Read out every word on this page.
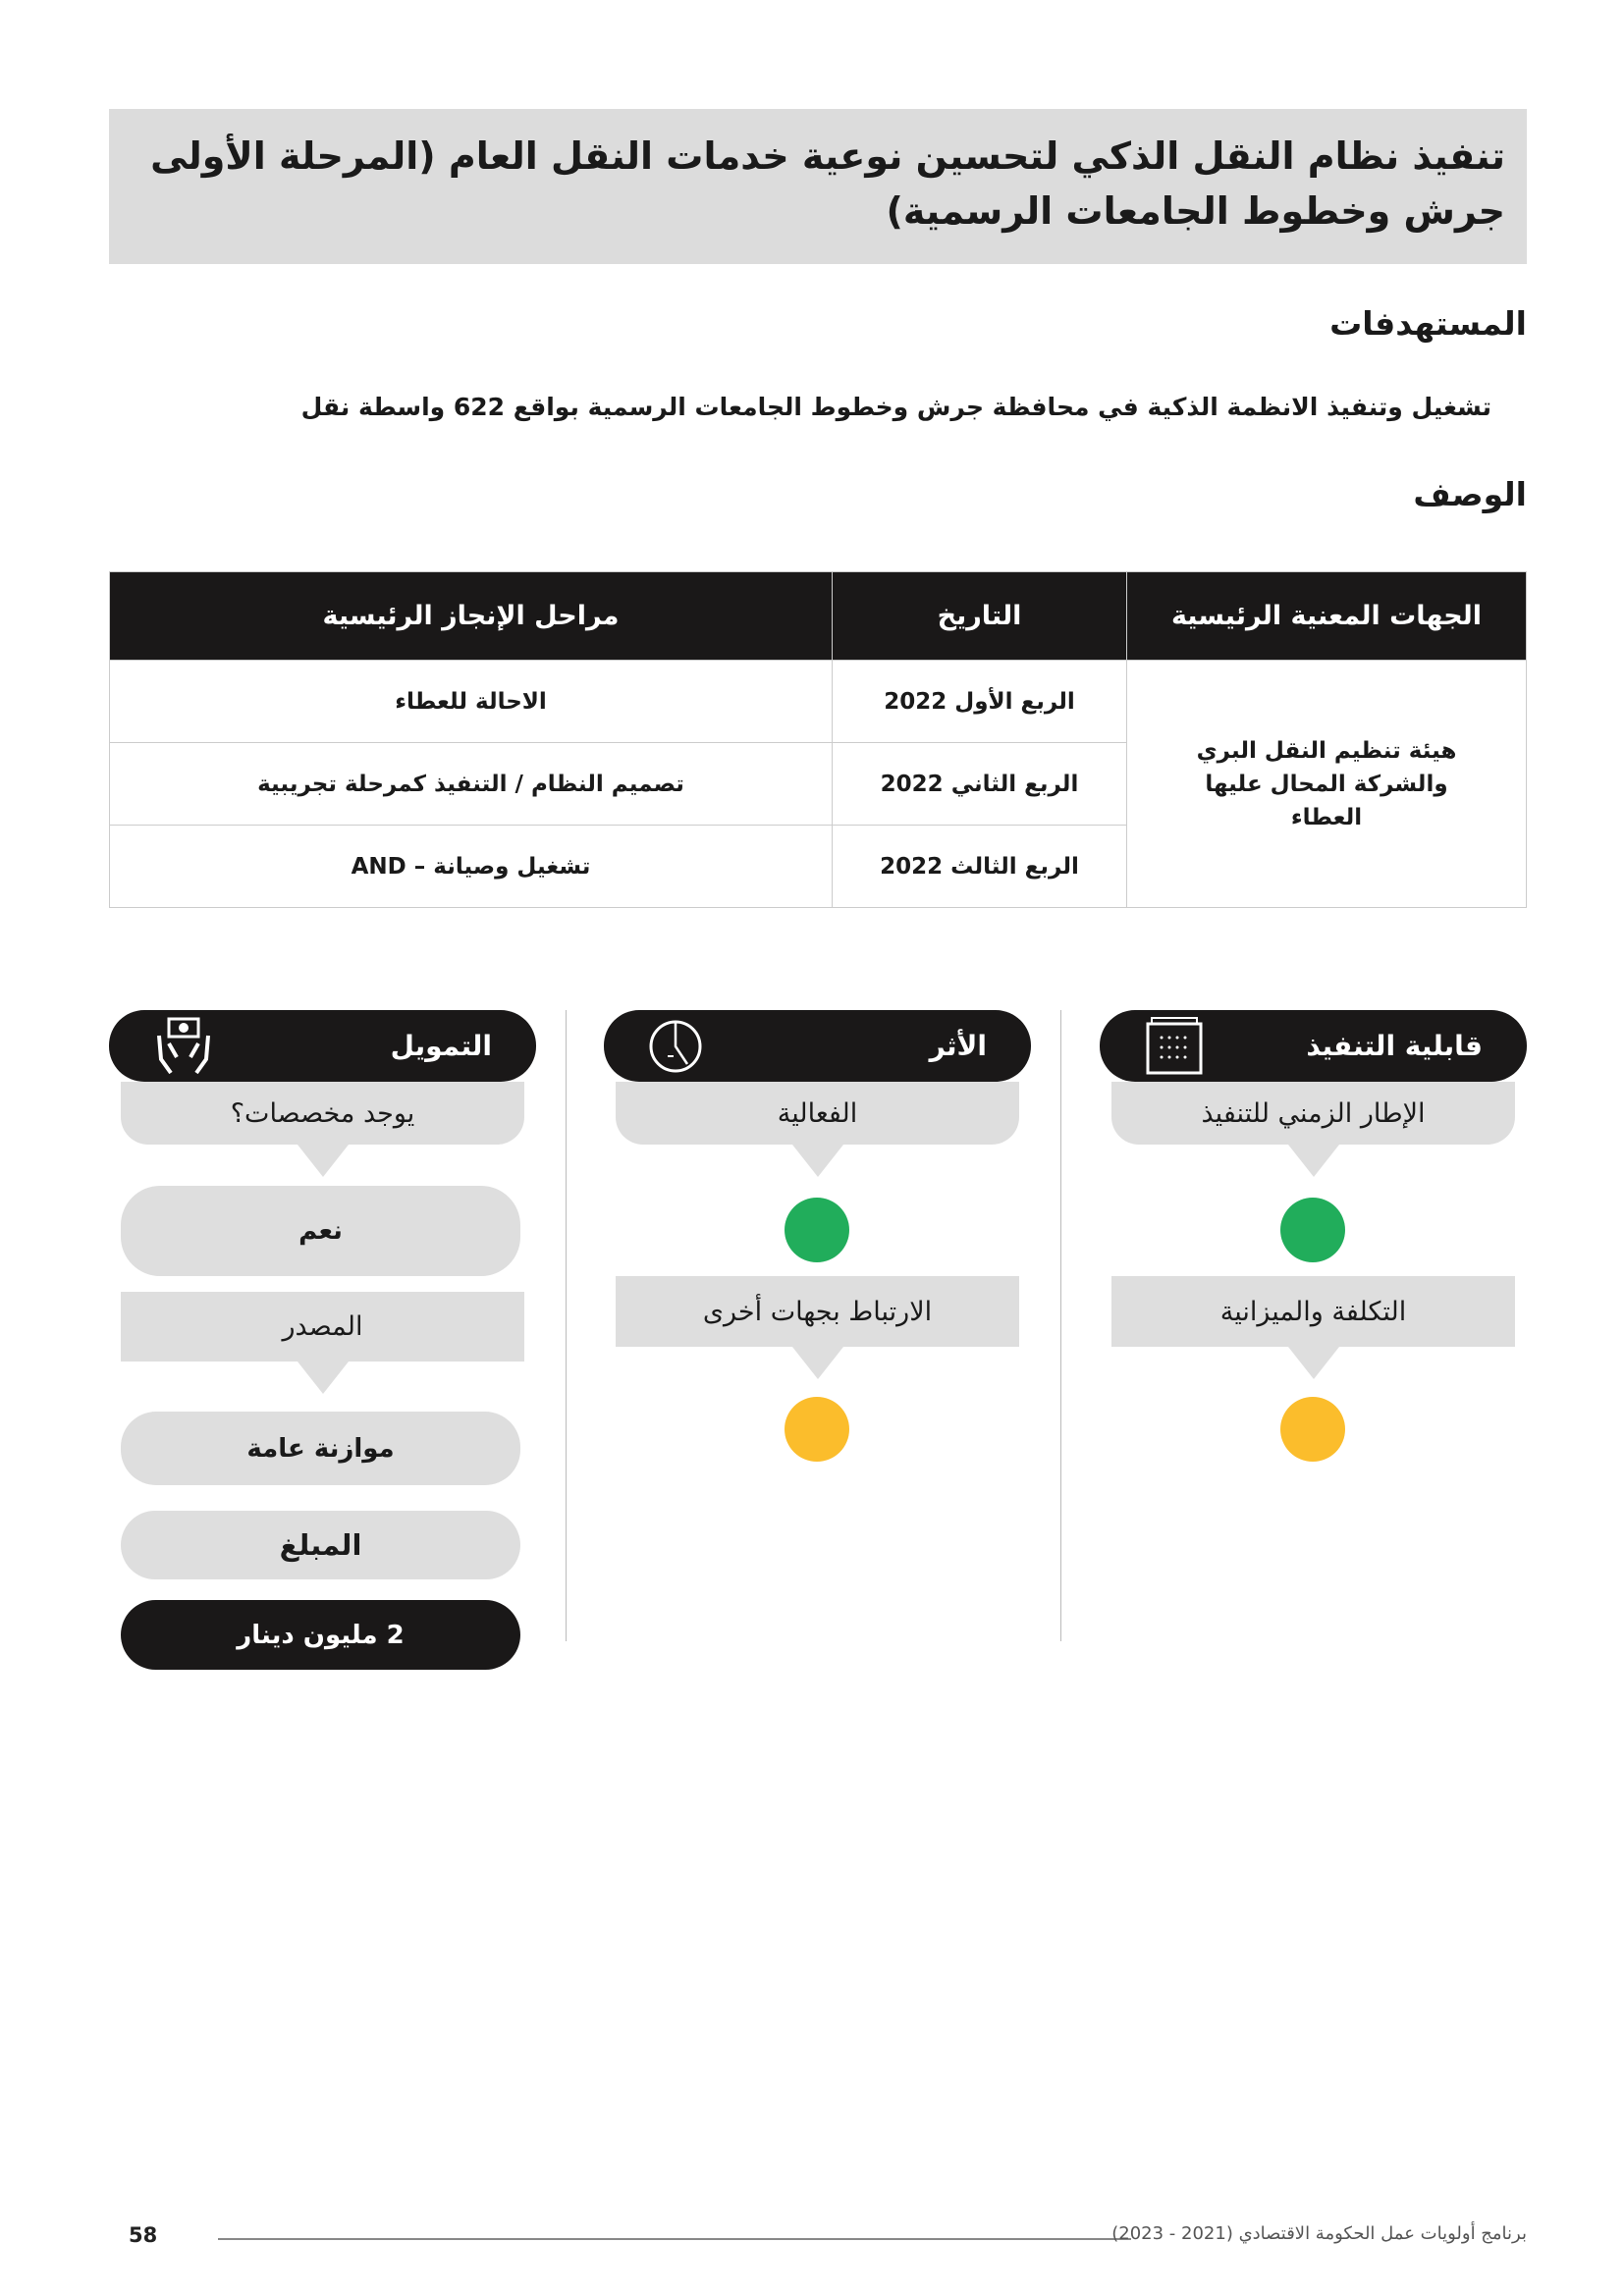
تنفيذ نظام النقل الذكي لتحسين نوعية خدمات النقل العام (المرحلة الأولى جرش وخطوط الجامعات الرسمية)
المستهدفات
تشغيل وتنفيذ الانظمة الذكية في محافظة جرش وخطوط الجامعات الرسمية بواقع 622 واسطة نقل
الوصف
الجهات المعنية الرئيسية	التاريخ	مراحل الإنجاز الرئيسية
هيئة تنظيم النقل البري والشركة المحال عليها العطاء	الربع الأول 2022	الاحالة للعطاء
	الربع الثاني 2022	تصميم النظام / التنفيذ كمرحلة تجريبية
	الربع الثالث 2022	تشغيل وصيانة – AND
قابلية التنفيذ
الإطار الزمني للتنفيذ
التكلفة والميزانية
الأثر
الفعالية
الارتباط بجهات أخرى
التمويل
يوجد مخصصات؟
نعم
المصدر
موازنة عامة
المبلغ
2 مليون دينار
58	برنامج أولويات عمل الحكومة الاقتصادي (2021 - 2023)
